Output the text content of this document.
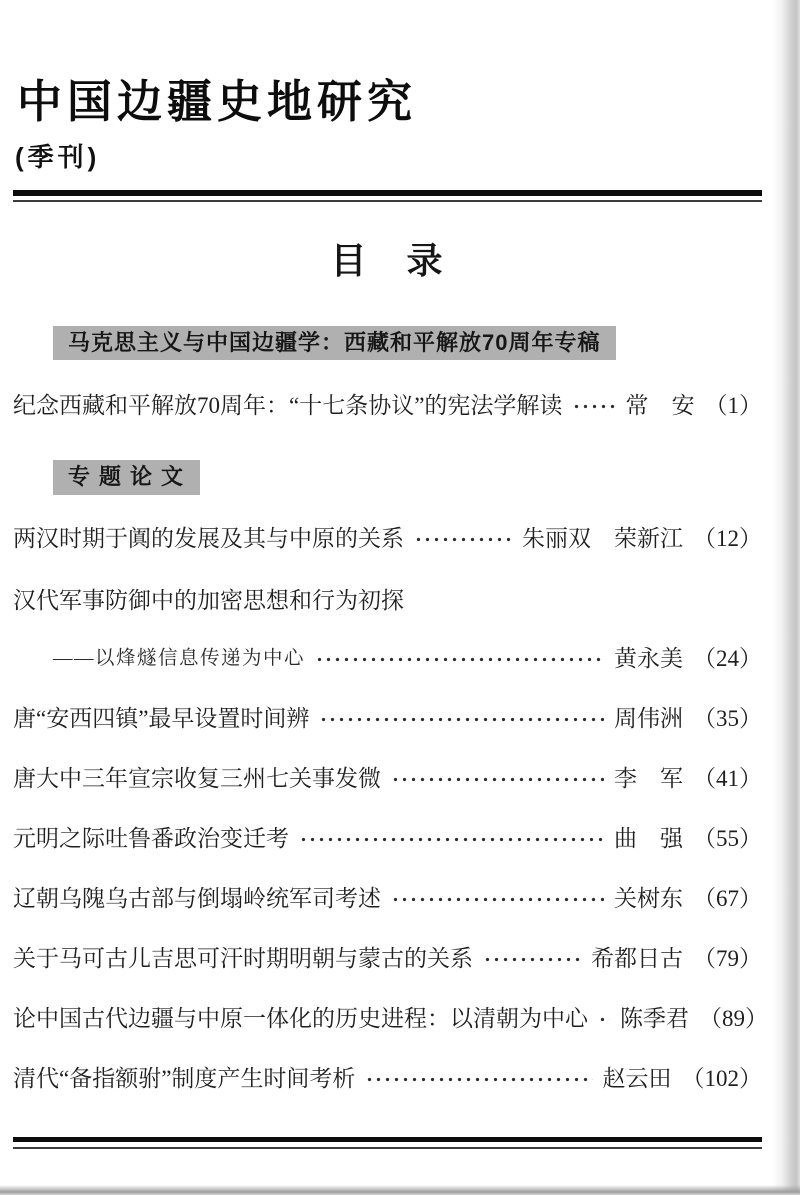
中国边疆史地研究
(季刊)
目　录
马克思主义与中国边疆学：西藏和平解放70周年专稿
纪念西藏和平解放70周年：“十七条协议”的宪法学解读	常　安 （1）
专题论文
两汉时期于阗的发展及其与中原的关系	朱丽双　荣新江 （12）
汉代军事防御中的加密思想和行为初探
——以烽燧信息传递为中心	黄永美 （24）
唐“安西四镇”最早设置时间辨	周伟洲 （35）
唐大中三年宣宗收复三州七关事发微	李　军 （41）
元明之际吐鲁番政治变迁考	曲　强 （55）
辽朝乌隗乌古部与倒塌岭统军司考述	关树东 （67）
关于马可古儿吉思可汗时期明朝与蒙古的关系	希都日古 （79）
论中国古代边疆与中原一体化的历史进程：以清朝为中心 陈季君 （89）
清代“备指额驸”制度产生时间考析	赵云田 （102）
